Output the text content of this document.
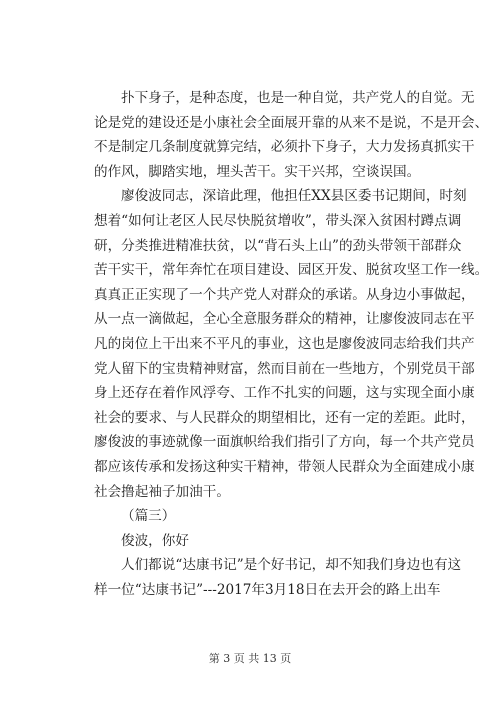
扑下身子，是种态度，也是一种自觉，共产党人的自觉。无
论是党的建设还是小康社会全面展开靠的从来不是说，不是开会、
不是制定几条制度就算完结，必须扑下身子，大力发扬真抓实干
的作风，脚踏实地，埋头苦干。实干兴邦，空谈误国。
廖俊波同志，深谙此理，他担任XX县区委书记期间，时刻
想着“如何让老区人民尽快脱贫增收”，带头深入贫困村蹲点调
研，分类推进精准扶贫，以“背石头上山”的劲头带领干部群众
苦干实干，常年奔忙在项目建设、园区开发、脱贫攻坚工作一线。
真真正正实现了一个共产党人对群众的承诺。从身边小事做起，
从一点一滴做起，全心全意服务群众的精神，让廖俊波同志在平
凡的岗位上干出来不平凡的事业，这也是廖俊波同志给我们共产
党人留下的宝贵精神财富，然而目前在一些地方，个别党员干部
身上还存在着作风浮夸、工作不扎实的问题，这与实现全面小康
社会的要求、与人民群众的期望相比，还有一定的差距。此时，
廖俊波的事迹就像一面旗帜给我们指引了方向，每一个共产党员
都应该传承和发扬这种实干精神，带领人民群众为全面建成小康
社会撸起袖子加油干。
（篇三）
俊波，你好
人们都说“达康书记”是个好书记，却不知我们身边也有这
样一位“达康书记”---2017年3月18日在去开会的路上出车
第 3 页 共 13 页
